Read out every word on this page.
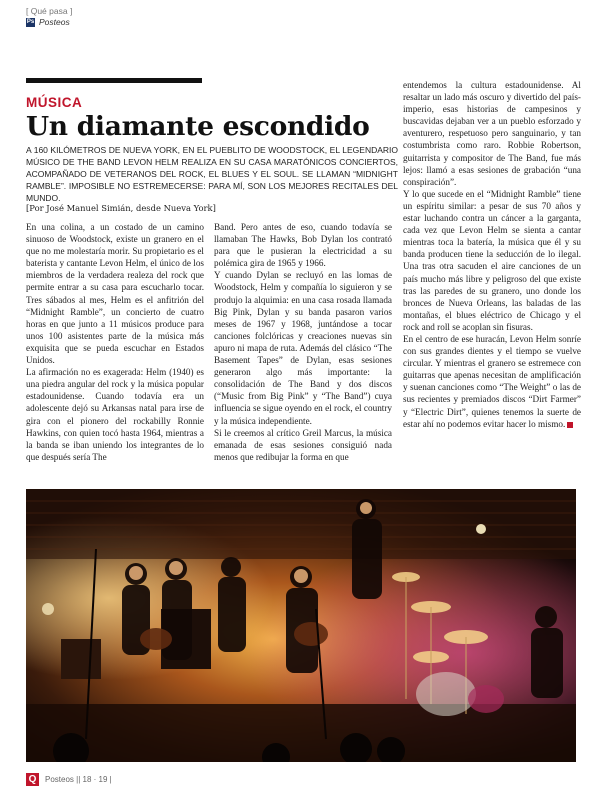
[ Qué pasa ]
Ps Posteos
MÚSICA
Un diamante escondido
A 160 KILÓMETROS DE NUEVA YORK, EN EL PUEBLITO DE WOODSTOCK, EL LEGENDARIO MÚSICO DE THE BAND LEVON HELM REALIZA EN SU CASA MARATÓNICOS CONCIERTOS, ACOMPAÑADO DE VETERANOS DEL ROCK, EL BLUES Y EL SOUL. SE LLAMAN “MIDNIGHT RAMBLE”. IMPOSIBLE NO ESTREMECERSE: PARA MÍ, SON LOS MEJORES RECITALES DEL MUNDO.
[Por José Manuel Simián, desde Nueva York]

En una colina, a un costado de un camino sinuoso de Woodstock, existe un granero en el que no me molestaría morir. Su propietario es el baterista y cantante Levon Helm, el único de los miembros de la verdadera realeza del rock que permite entrar a su casa para escucharlo tocar. Tres sábados al mes, Helm es el anfitrión del “Midnight Ramble”, un concierto de cuatro horas en que junto a 11 músicos produce para unos 100 asistentes parte de la música más exquisita que se pueda escuchar en Estados Unidos.

La afirmación no es exagerada: Helm (1940) es una piedra angular del rock y la música popular estadounidense. Cuando todavía era un adolescente dejó su Arkansas natal para irse de gira con el pionero del rockabilly Ronnie Hawkins, con quien tocó hasta 1964, mientras a la banda se iban uniendo los integrantes de lo que después sería The

Band. Pero antes de eso, cuando todavía se llamaban The Hawks, Bob Dylan los contrató para que le pusieran la electricidad a su polémica gira de 1965 y 1966.

Y cuando Dylan se recluyó en las lomas de Woodstock, Helm y compañía lo siguieron y se produjo la alquimia: en una casa rosada llamada Big Pink, Dylan y su banda pasaron varios meses de 1967 y 1968, juntándose a tocar canciones folclóricas y creaciones nuevas sin apuro ni mapa de ruta. Además del clásico “The Basement Tapes” de Dylan, esas sesiones generaron algo más importante: la consolidación de The Band y dos discos (“Music from Big Pink” y “The Band”) cuya influencia se sigue oyendo en el rock, el country y la música independiente.

Si le creemos al crítico Greil Marcus, la música emanada de esas sesiones consiguió nada menos que redibujar la forma en que

entendemos la cultura estadounidense. Al resaltar un lado más oscuro y divertido del país-imperio, esas historias de campesinos y buscavidas dejaban ver a un pueblo esforzado y aventurero, respetuoso pero sanguinario, y tan costumbrista como raro. Robbie Robertson, guitarrista y compositor de The Band, fue más lejos: llamó a esas sesiones de grabación “una conspiración”.

Y lo que sucede en el “Midnight Ramble” tiene un espíritu similar: a pesar de sus 70 años y estar luchando contra un cáncer a la garganta, cada vez que Levon Helm se sienta a cantar mientras toca la batería, la música que él y su banda producen tiene la seducción de lo ilegal. Una tras otra sacuden el aire canciones de un país mucho más libre y peligroso del que existe tras las paredes de su granero, uno donde los bronces de Nueva Orleans, las baladas de las montañas, el blues eléctrico de Chicago y el rock and roll se acoplan sin fisuras.

En el centro de ese huracán, Levon Helm sonríe con sus grandes dientes y el tiempo se vuelve circular. Y mientras el granero se estremece con guitarras que apenas necesitan de amplificación y suenan canciones como “The Weight” o las de sus recientes y premiados discos “Dirt Farmer” y “Electric Dirt”, quienes tenemos la suerte de estar ahí no podemos evitar hacer lo mismo.

Q	Posteos || 18 · 19 |
